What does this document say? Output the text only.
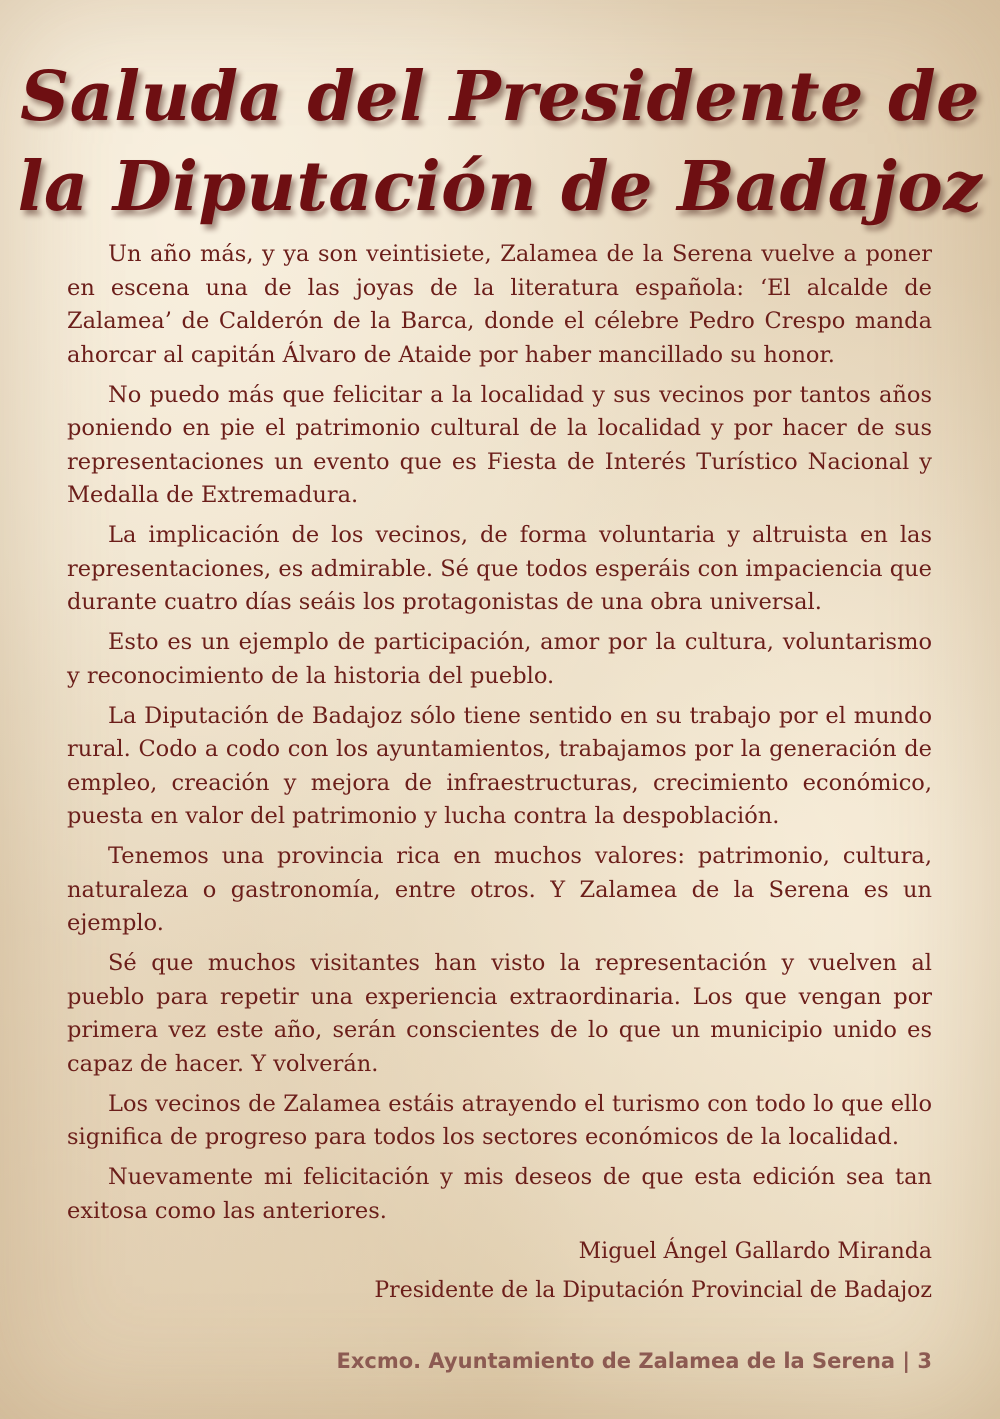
Saluda del Presidente de
la Diputación de Badajoz

Un año más, y ya son veintisiete, Zalamea de la Serena vuelve a poner en escena una de las joyas de la literatura española: ‘El alcalde de Zalamea’ de Calderón de la Barca, donde el célebre Pedro Crespo manda ahorcar al capitán Álvaro de Ataide por haber mancillado su honor.

No puedo más que felicitar a la localidad y sus vecinos por tantos años poniendo en pie el patrimonio cultural de la localidad y por hacer de sus representaciones un evento que es Fiesta de Interés Turístico Nacional y Medalla de Extremadura.

La implicación de los vecinos, de forma voluntaria y altruista en las representaciones, es admirable. Sé que todos esperáis con impaciencia que durante cuatro días seáis los protagonistas de una obra universal.

Esto es un ejemplo de participación, amor por la cultura, voluntarismo y reconocimiento de la historia del pueblo.

La Diputación de Badajoz sólo tiene sentido en su trabajo por el mundo rural. Codo a codo con los ayuntamientos, trabajamos por la generación de empleo, creación y mejora de infraestructuras, crecimiento económico, puesta en valor del patrimonio y lucha contra la despoblación.

Tenemos una provincia rica en muchos valores: patrimonio, cultura, naturaleza o gastronomía, entre otros. Y Zalamea de la Serena es un ejemplo.

Sé que muchos visitantes han visto la representación y vuelven al pueblo para repetir una experiencia extraordinaria. Los que vengan por primera vez este año, serán conscientes de lo que un municipio unido es capaz de hacer. Y volverán.

Los vecinos de Zalamea estáis atrayendo el turismo con todo lo que ello significa de progreso para todos los sectores económicos de la localidad.

Nuevamente mi felicitación y mis deseos de que esta edición sea tan exitosa como las anteriores.

Miguel Ángel Gallardo Miranda
Presidente de la Diputación Provincial de Badajoz
Excmo. Ayuntamiento de Zalamea de la Serena | 3
